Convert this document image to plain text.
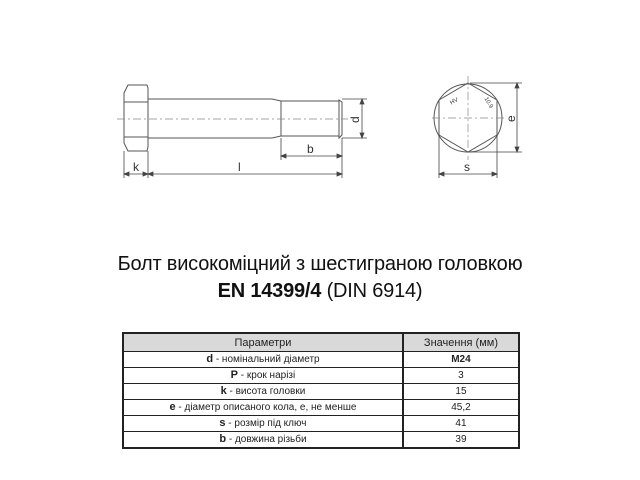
k	l
b
d
s
e
HV	10.9
Болт високоміцний з шестиграною головкою
EN 14399/4 (DIN 6914)
Параметри	Значення (мм)
d - номінальний діаметр	M24
P - крок нарізі	3
k - висота головки	15
e - діаметр описаного кола, e, не менше	45,2
s - розмір під ключ	41
b - довжина різьби	39
